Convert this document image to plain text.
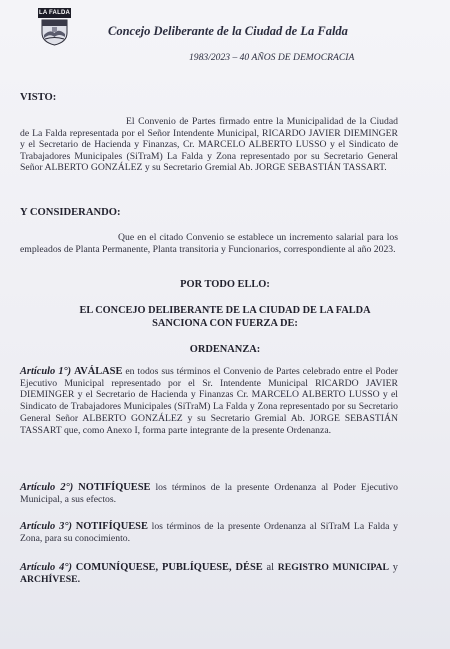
LA FALDA
Concejo Deliberante de la Ciudad de La Falda
1983/2023 – 40 AÑOS DE DEMOCRACIA
VISTO:

El Convenio de Partes firmado entre la Municipalidad de la Ciudad de La Falda representada por el Señor Intendente Municipal, RICARDO JAVIER DIEMINGER y el Secretario de Hacienda y Finanzas, Cr. MARCELO ALBERTO LUSSO y el Sindicato de Trabajadores Municipales (SiTraM) La Falda y Zona representado por su Secretario General Señor ALBERTO GONZÁLEZ y su Secretario Gremial Ab. JORGE SEBASTIÁN TASSART.

Y CONSIDERANDO:

Que en el citado Convenio se establece un incremento salarial para los empleados de Planta Permanente, Planta transitoria y Funcionarios, correspondiente al año 2023.

POR TODO ELLO:
EL CONCEJO DELIBERANTE DE LA CIUDAD DE LA FALDA
SANCIONA CON FUERZA DE:
ORDENANZA:

Artículo 1°) AVÁLASE en todos sus términos el Convenio de Partes celebrado entre el Poder Ejecutivo Municipal representado por el Sr. Intendente Municipal RICARDO JAVIER DIEMINGER y el Secretario de Hacienda y Finanzas Cr. MARCELO ALBERTO LUSSO y el Sindicato de Trabajadores Municipales (SiTraM) La Falda y Zona representado por su Secretario General Señor ALBERTO GONZÁLEZ y su Secretario Gremial Ab. JORGE SEBASTIÁN TASSART que, como Anexo I, forma parte integrante de la presente Ordenanza.

Artículo 2°) NOTIFÍQUESE los términos de la presente Ordenanza al Poder Ejecutivo Municipal, a sus efectos.

Artículo 3°) NOTIFÍQUESE los términos de la presente Ordenanza al SiTraM La Falda y Zona, para su conocimiento.

Artículo 4°) COMUNÍQUESE, PUBLÍQUESE, DÉSE al REGISTRO MUNICIPAL y ARCHÍVESE.
